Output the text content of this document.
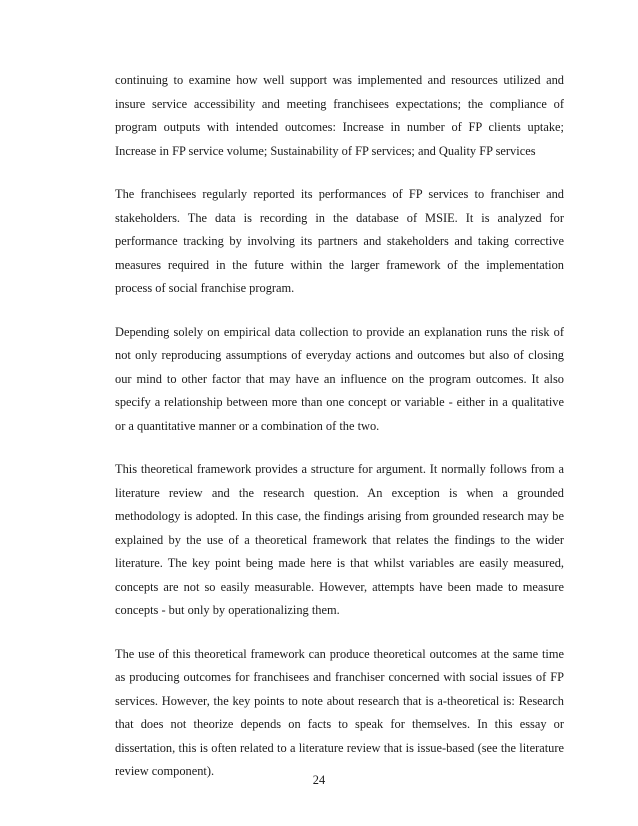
continuing to examine how well support was implemented and resources utilized and insure service accessibility and meeting franchisees expectations; the compliance of program outputs with intended outcomes: Increase in number of FP clients uptake; Increase in FP service volume; Sustainability of FP services; and Quality FP services

The franchisees regularly reported its performances of FP services to franchiser and stakeholders. The data is recording in the database of MSIE. It is analyzed for performance tracking by involving its partners and stakeholders and taking corrective measures required in the future within the larger framework of the implementation process of social franchise program.

Depending solely on empirical data collection to provide an explanation runs the risk of not only reproducing assumptions of everyday actions and outcomes but also of closing our mind to other factor that may have an influence on the program outcomes. It also specify a relationship between more than one concept or variable - either in a qualitative or a quantitative manner or a combination of the two.

This theoretical framework provides a structure for argument. It normally follows from a literature review and the research question. An exception is when a grounded methodology is adopted. In this case, the findings arising from grounded research may be explained by the use of a theoretical framework that relates the findings to the wider literature. The key point being made here is that whilst variables are easily measured, concepts are not so easily measurable. However, attempts have been made to measure concepts - but only by operationalizing them.

The use of this theoretical framework can produce theoretical outcomes at the same time as producing outcomes for franchisees and franchiser concerned with social issues of FP services. However, the key points to note about research that is a-theoretical is: Research that does not theorize depends on facts to speak for themselves. In this essay or dissertation, this is often related to a literature review that is issue-based (see the literature review component).

24
